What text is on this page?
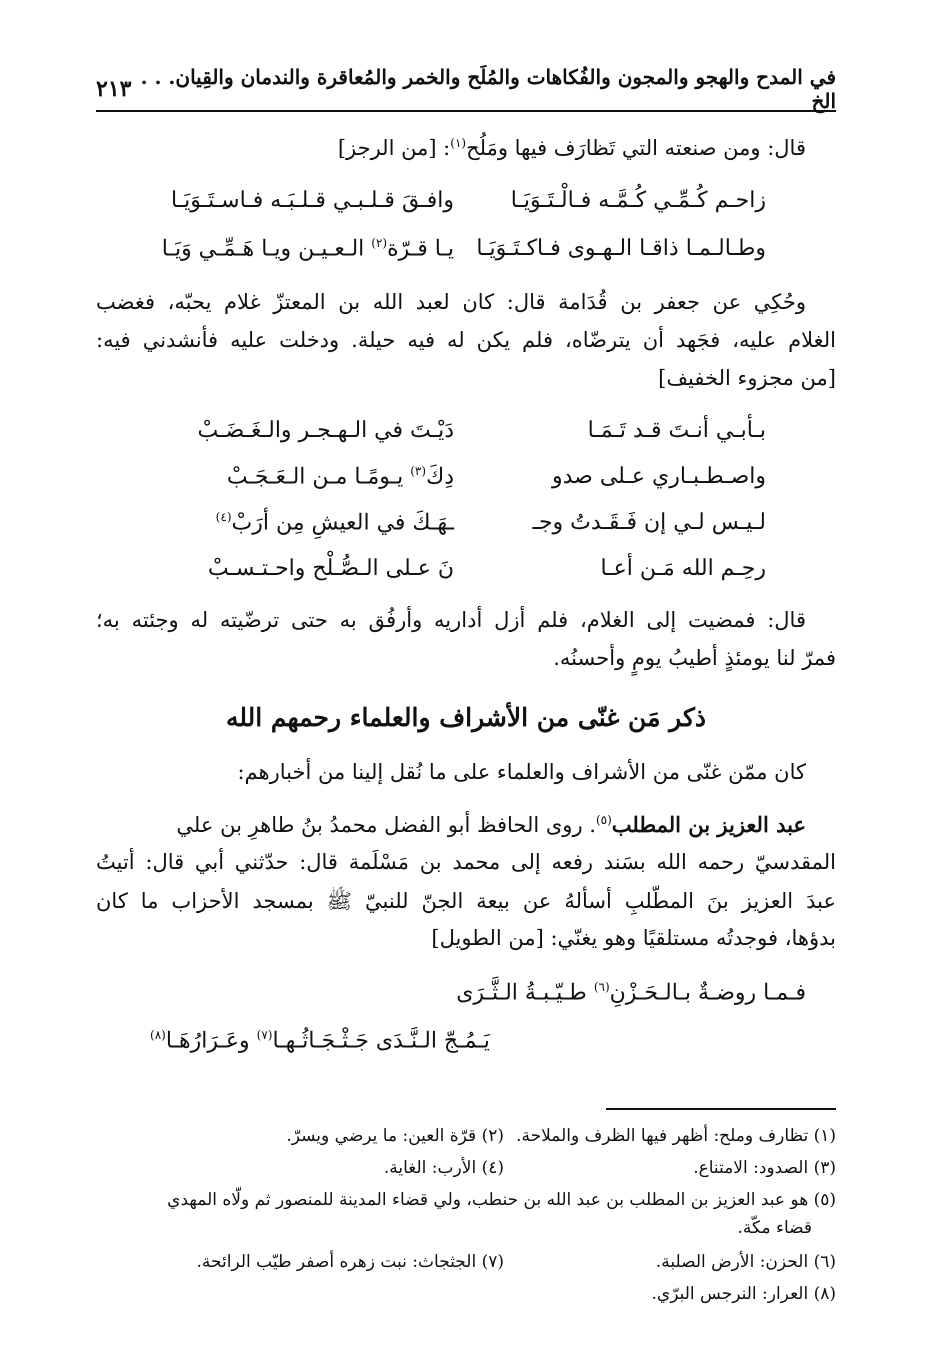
٢١٣ في المدح والهجو والمجون والفُكاهات والمُلَح والخمر والمُعاقرة والندمان والقِيان. . . الخ
قال: ومن صنعته التي تَظارَف فيها ومَلُح$^{(١)}$: [من الرجز]
زاحـم كُـمِّـي كُـمَّـه فـالْـتَـوَيَـا
وافـقَ قـلـبـي قـلـبَـه فـاسـتَـوَيَـا
وطـالـمـا ذاقـا الـهـوى فـاكـتَـوَيَـا
يـا قـرّة$^{(٢)}$ الـعـيـن ويـا هَـمِّـي وَيَـا
وحُكِي عن جعفر بن قُدَامة قال: كان لعبد الله بن المعتزّ غلام يحبّه، فغضب
الغلام عليه، فجَهد أن يترضّاه، فلم يكن له فيه حيلة. ودخلت عليه فأنشدني فيه:
[من مجزوء الخفيف]
بـأبـي أنـتَ قـد تَـمَـا
دَيْـتَ في الـهـجـر والـغَـضَـبْ
واصـطـبـاري عـلى صدو
دِكَ$^{(٣)}$ يـومًـا مـن الـعَـجَـبْ
لـيـس لـي إن فَـقَـدتُ وجـ
ـهَـكَ في العيشِ مِن أرَبْ$^{(٤)}$
رحِـم الله مَـن أعـا
نَ عـلى الـصُّـلْح واحـتـسـبْ
قال: فمضيت إلى الغلام، فلم أزل أداريه وأرفُق به حتى ترضّيته له وجئته به؛
فمرّ لنا يومئذٍ أطيبُ يومٍ وأحسنُه.
ذكر مَن غنّى من الأشراف والعلماء رحمهم الله
كان ممّن غنّى من الأشراف والعلماء على ما نُقل إلينا من أخبارهم:
عبد العزيز بن المطلب$^{(٥)}$. روى الحافظ أبو الفضل محمدُ بنُ طاهرِ بن علي
المقدسيّ رحمه الله بسَند رفعه إلى محمد بن مَسْلَمة قال: حدّثني أبي قال: أتيتُ
عبدَ العزيز بنَ المطّلبِ أسألهُ عن بيعة الجنّ للنبيّ ﷺ بمسجد الأحزاب ما كان
بدؤها، فوجدتُه مستلقيًا وهو يغنّي: [من الطويل]
فـمـا روضـةٌ بـالـحَـزْنِ$^{(٦)}$ طـيّـبـةُ الـثَّـرَى
يَـمُـجّ الـنَّـدَى جَـثْـجَـاثُـهـا$^{(٧)}$ وعَـرَارُهَـا$^{(٨)}$
(١) تظارف وملح: أظهر فيها الظرف والملاحة.
(٢) قرّة العين: ما يرضي ويسرّ.
(٣) الصدود: الامتناع.
(٤) الأرب: الغاية.
(٥) هو عبد العزيز بن المطلب بن عبد الله بن حنطب، ولي قضاء المدينة للمنصور ثم ولّاه المهدي
قضاء مكّة.
(٦) الحزن: الأرض الصلبة.
(٧) الجثجاث: نبت زهره أصفر طيّب الرائحة.
(٨) العرار: النرجس البرّي.
